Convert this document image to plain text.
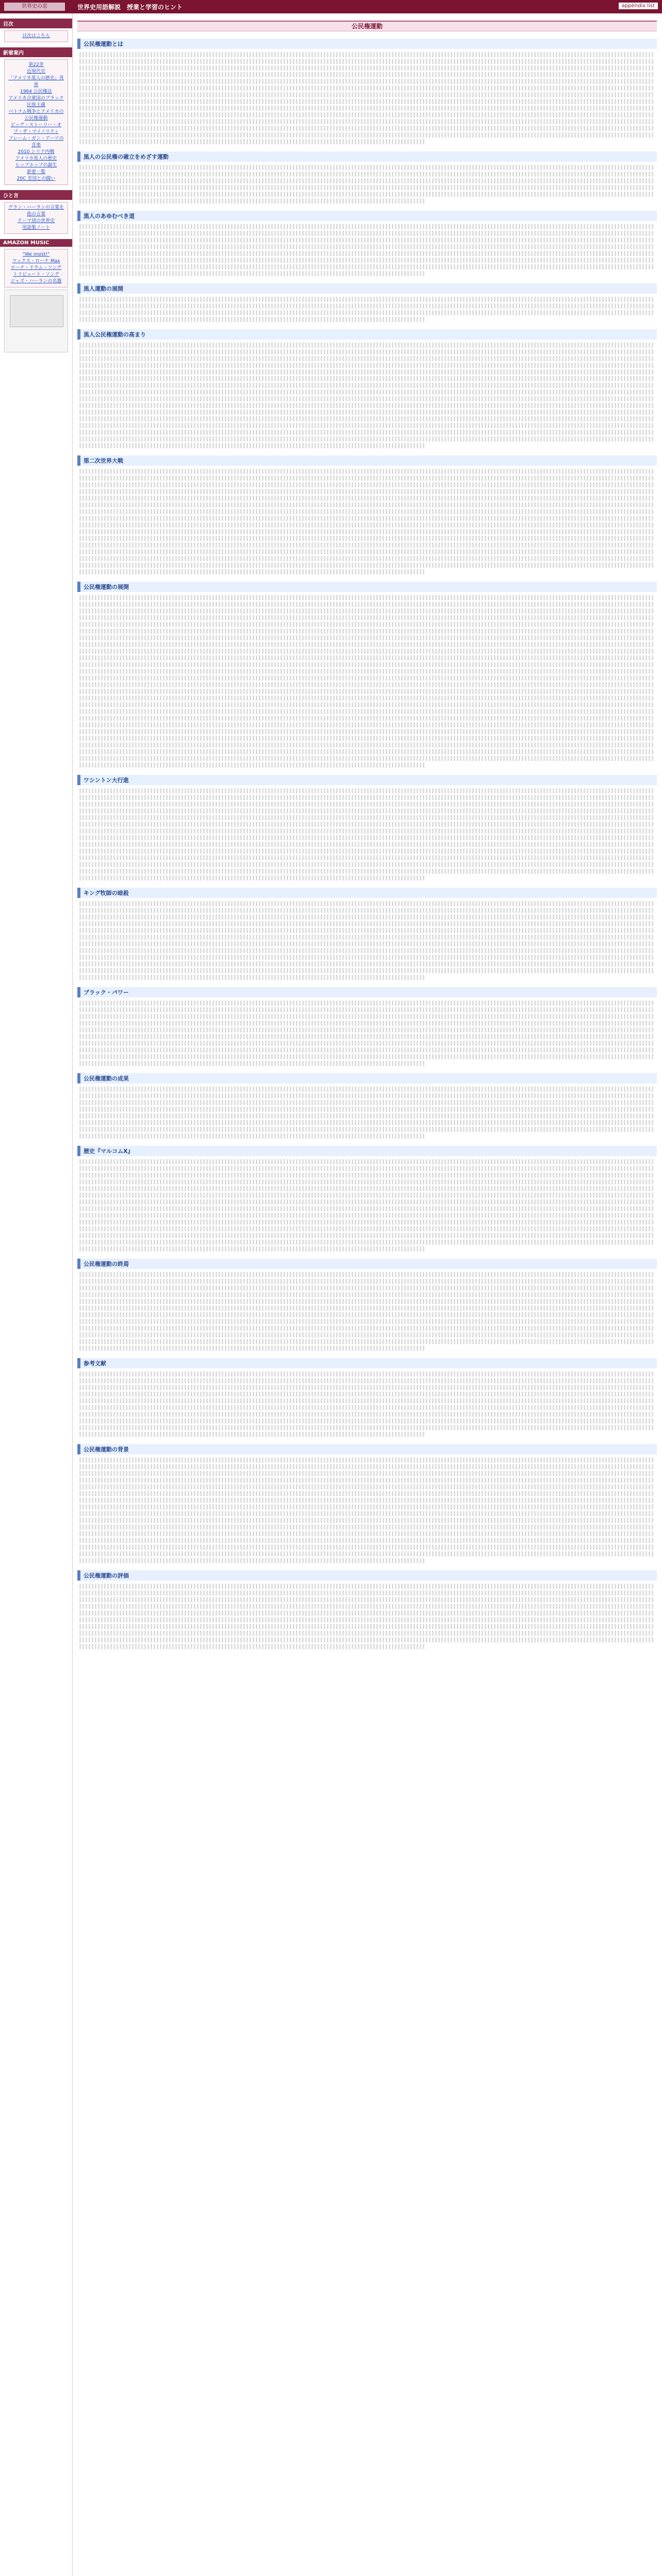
世界史の窓	世界史用語解説　授業と学習のヒント	appendix list
目次
目次はこちら
新着案内
第22章
近現代史
「アメリカ黒人の歴史」英単
1964 公民権法
アメリカ合衆国のブラック民族主義
ベトナム戦争とアメリカの公民権運動
ビッグ・ストーリー・オブ・ザ・マイノリティ
フレーム・ガン・アーツの音楽
2010 シリア内戦
アメリカ黒人の歴史
ヒップホップの誕生
新着一覧
20C 差別との闘い
ひと言
グラン・ハーランの言葉を
他の言葉
テーマ別の世界史
用語集ノート
AMAZON MUSIC
"We insist!"
マックス・ローチ Max
ローチ・ドラム・ソング
トリビュート・ソング
ジャズ・ハーランの名盤
公民権運動
公民権運動とは
黒人の公民権の確立をめざす運動
黒人のあゆむべき道
黒人運動の展開
黒人公民権運動の高まり
第二次世界大戦
公民権運動の展開
ワシントン大行進
キング牧師の暗殺
ブラック・パワー
公民権運動の成果
歴史『マルコムX』
公民権運動の終焉
参考文献
公民権運動の背景
公民権運動の評価
